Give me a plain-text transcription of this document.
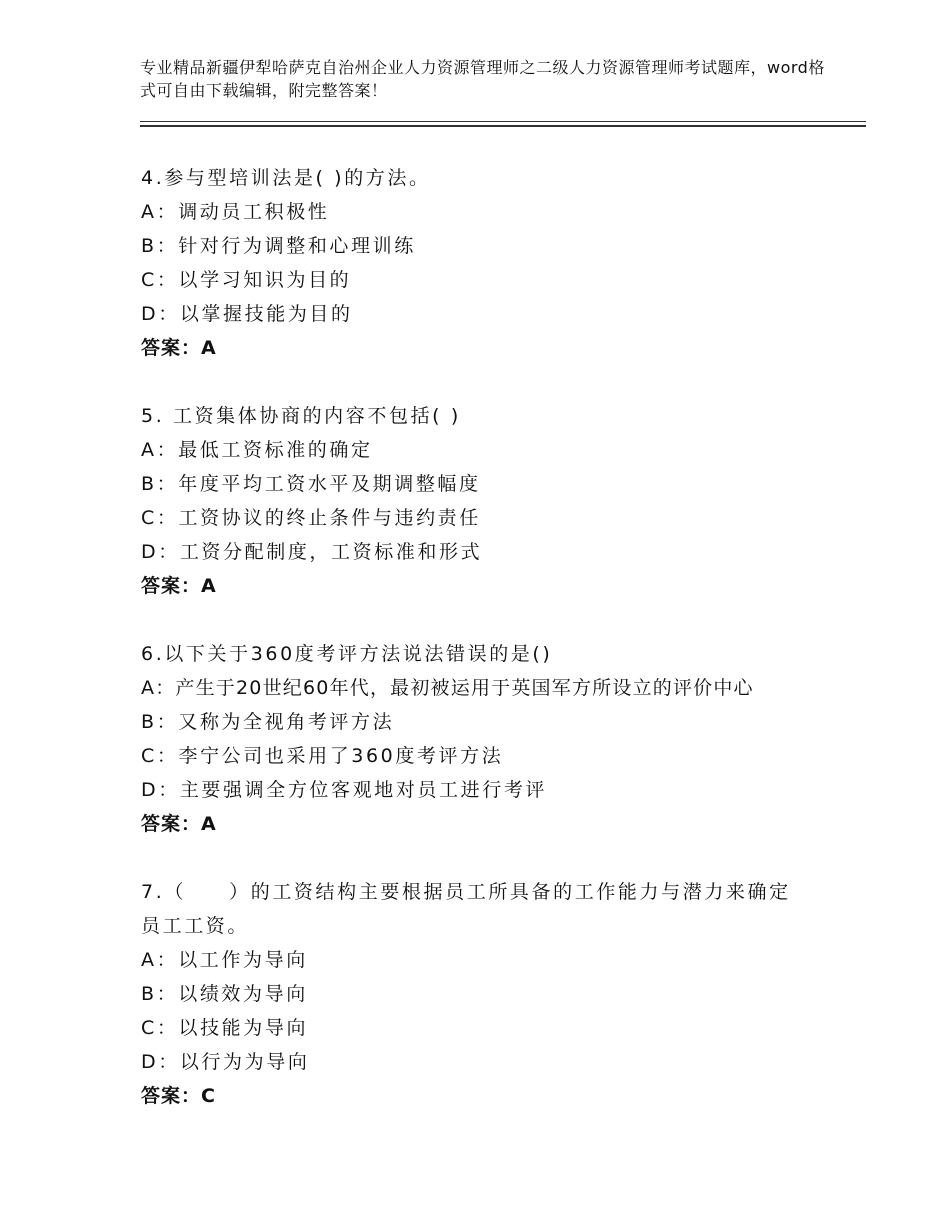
专业精品新疆伊犁哈萨克自治州企业人力资源管理师之二级人力资源管理师考试题库，word格式可自由下载编辑，附完整答案！
4.参与型培训法是( )的方法。
A：调动员工积极性
B：针对行为调整和心理训练
C：以学习知识为目的
D：以掌握技能为目的
答案：A
5. 工资集体协商的内容不包括( )
A：最低工资标准的确定
B：年度平均工资水平及期调整幅度
C：工资协议的终止条件与违约责任
D：工资分配制度，工资标准和形式
答案：A
6.以下关于360度考评方法说法错误的是()
A：产生于20世纪60年代，最初被运用于英国军方所设立的评价中心
B：又称为全视角考评方法
C：李宁公司也采用了360度考评方法
D：主要强调全方位客观地对员工进行考评
答案：A
7.（　　）的工资结构主要根据员工所具备的工作能力与潜力来确定员工工资。
A：以工作为导向
B：以绩效为导向
C：以技能为导向
D：以行为为导向
答案：C
